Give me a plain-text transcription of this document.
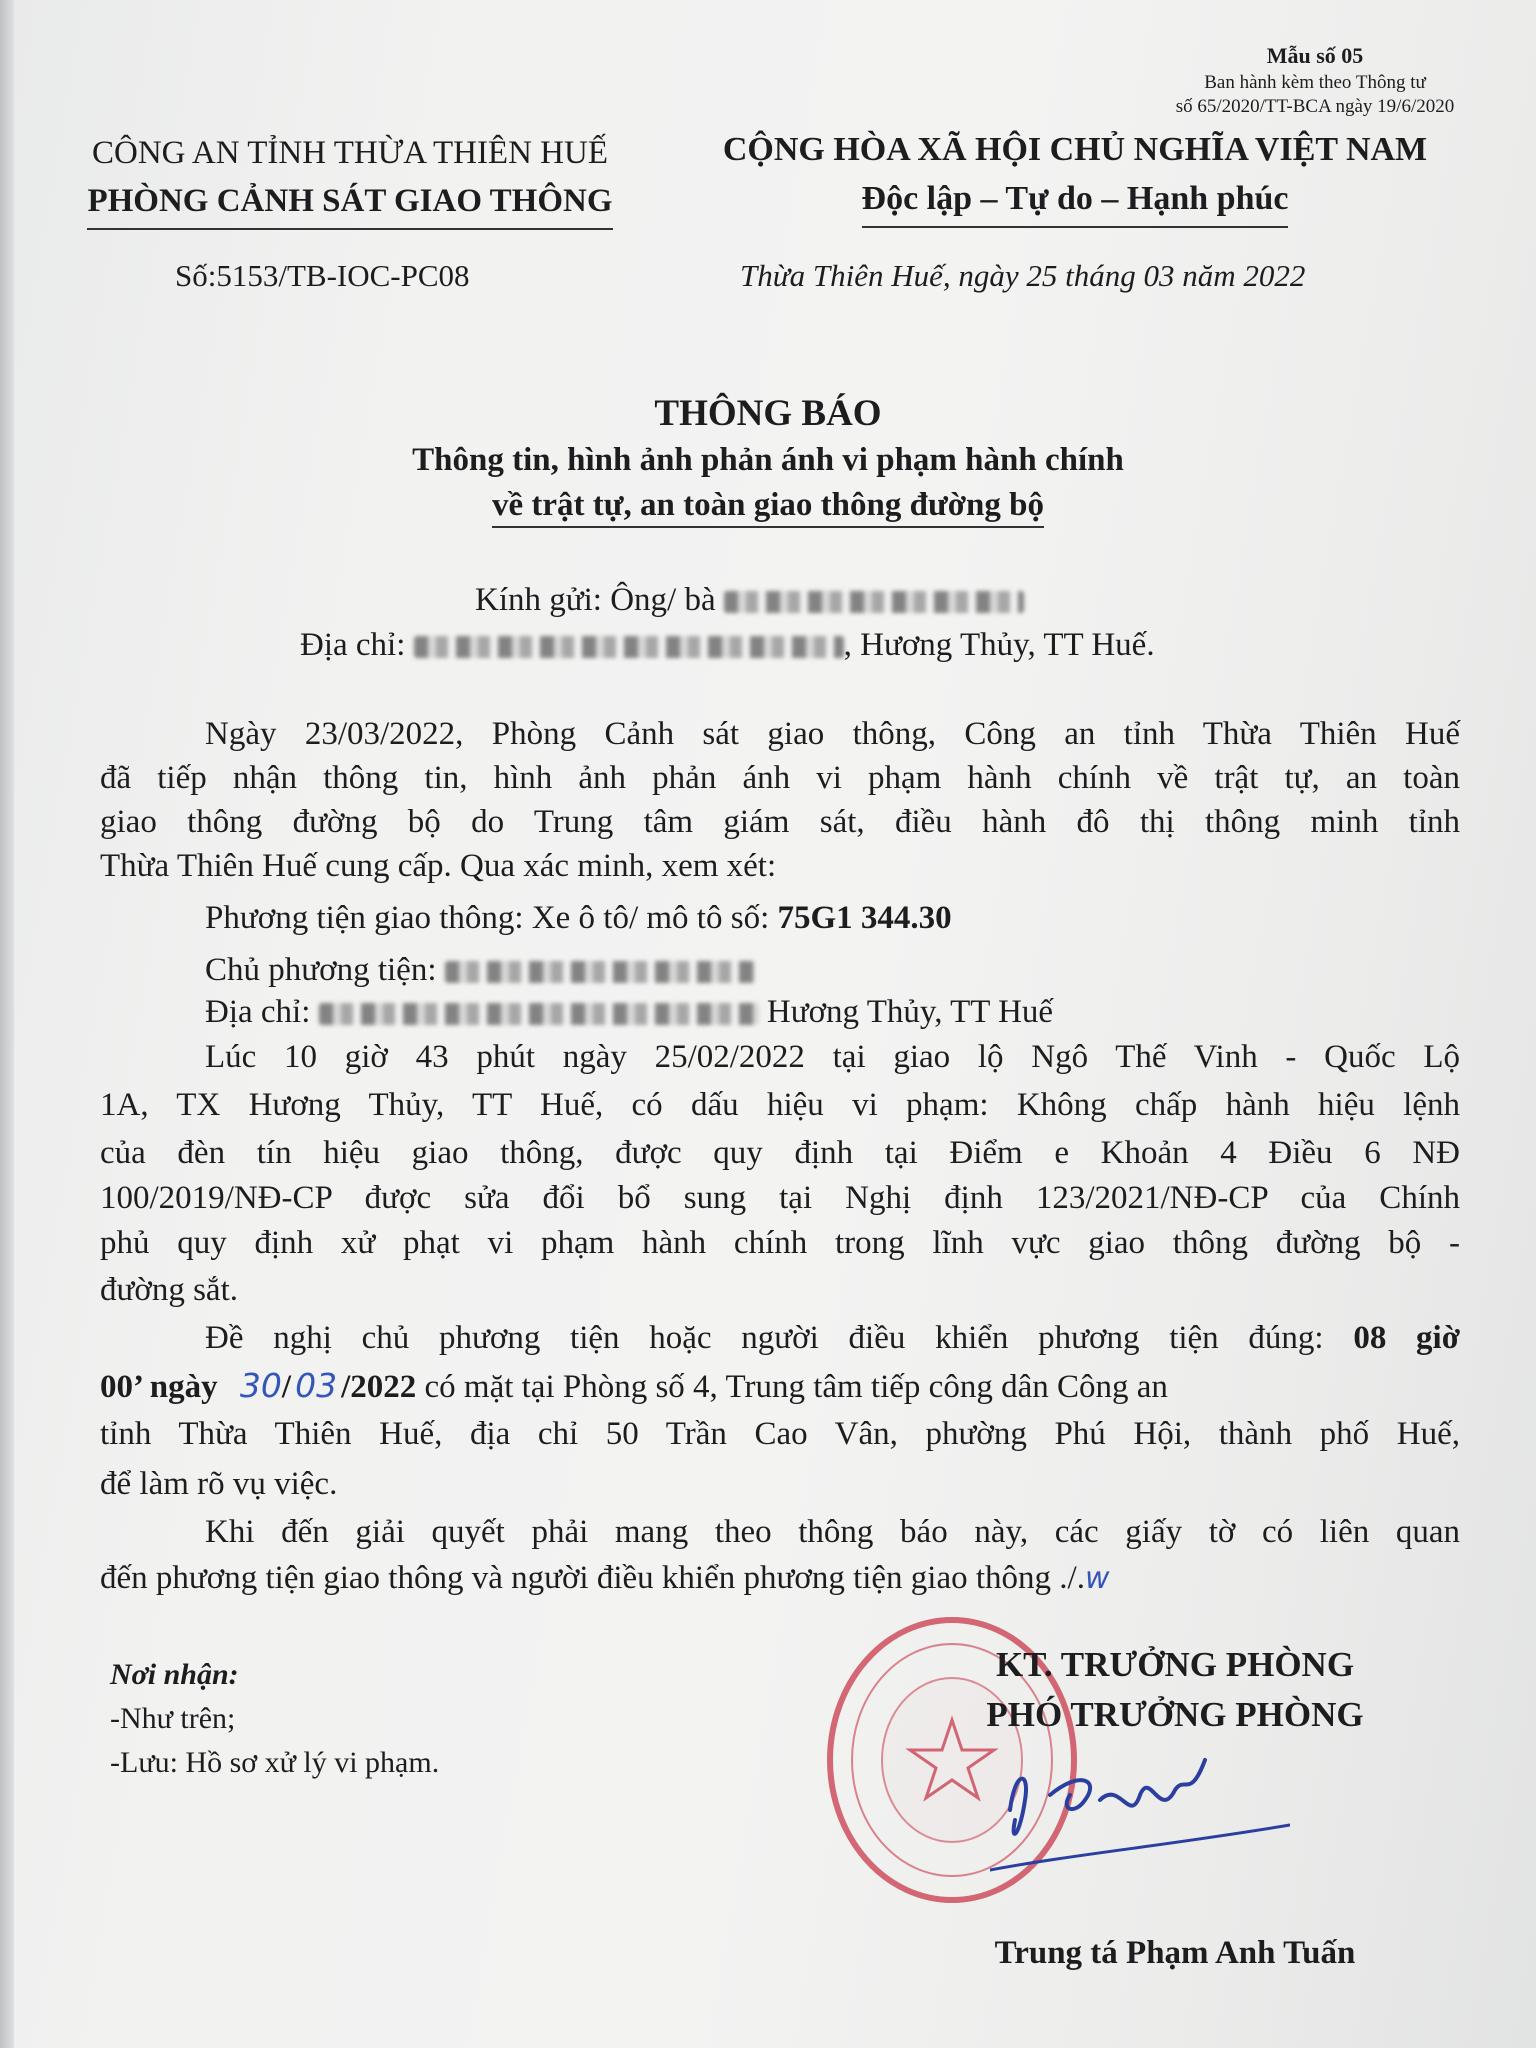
Mẫu số 05
Ban hành kèm theo Thông tư
số 65/2020/TT-BCA ngày 19/6/2020
CÔNG AN TỈNH THỪA THIÊN HUẾ
PHÒNG CẢNH SÁT GIAO THÔNG
CỘNG HÒA XÃ HỘI CHỦ NGHĨA VIỆT NAM
Độc lập – Tự do – Hạnh phúc
Số:5153/TB-IOC-PC08	Thừa Thiên Huế, ngày 25 tháng 03 năm 2022
THÔNG BÁO
Thông tin, hình ảnh phản ánh vi phạm hành chính
về trật tự, an toàn giao thông đường bộ
Kính gửi: Ông/ bà
Địa chỉ:	, Hương Thủy, TT Huế.
Ngày 23/03/2022, Phòng Cảnh sát giao thông, Công an tỉnh Thừa Thiên Huế
đã tiếp nhận thông tin, hình ảnh phản ánh vi phạm hành chính về trật tự, an toàn
giao thông đường bộ do Trung tâm giám sát, điều hành đô thị thông minh tỉnh
Thừa Thiên Huế cung cấp. Qua xác minh, xem xét:
Phương tiện giao thông: Xe ô tô/ mô tô số: 75G1 344.30
Chủ phương tiện:
Địa chỉ:	Hương Thủy, TT Huế
Lúc 10 giờ 43 phút ngày 25/02/2022 tại giao lộ Ngô Thế Vinh - Quốc Lộ
1A, TX Hương Thủy, TT Huế, có dấu hiệu vi phạm: Không chấp hành hiệu lệnh
của đèn tín hiệu giao thông, được quy định tại Điểm e Khoản 4 Điều 6 NĐ
100/2019/NĐ-CP được sửa đổi bổ sung tại Nghị định 123/2021/NĐ-CP của Chính
phủ quy định xử phạt vi phạm hành chính trong lĩnh vực giao thông đường bộ -
đường sắt.
Đề nghị chủ phương tiện hoặc người điều khiển phương tiện đúng: 08 giờ
00’ ngày 30/ 03 /2022 có mặt tại Phòng số 4, Trung tâm tiếp công dân Công an
tỉnh Thừa Thiên Huế, địa chỉ 50 Trần Cao Vân, phường Phú Hội, thành phố Huế,
để làm rõ vụ việc.
Khi đến giải quyết phải mang theo thông báo này, các giấy tờ có liên quan
đến phương tiện giao thông và người điều khiển phương tiện giao thông ./.w
Nơi nhận:
-Như trên;
-Lưu: Hồ sơ xử lý vi phạm.
KT. TRƯỞNG PHÒNG
PHÓ TRƯỞNG PHÒNG
Trung tá Phạm Anh Tuấn
